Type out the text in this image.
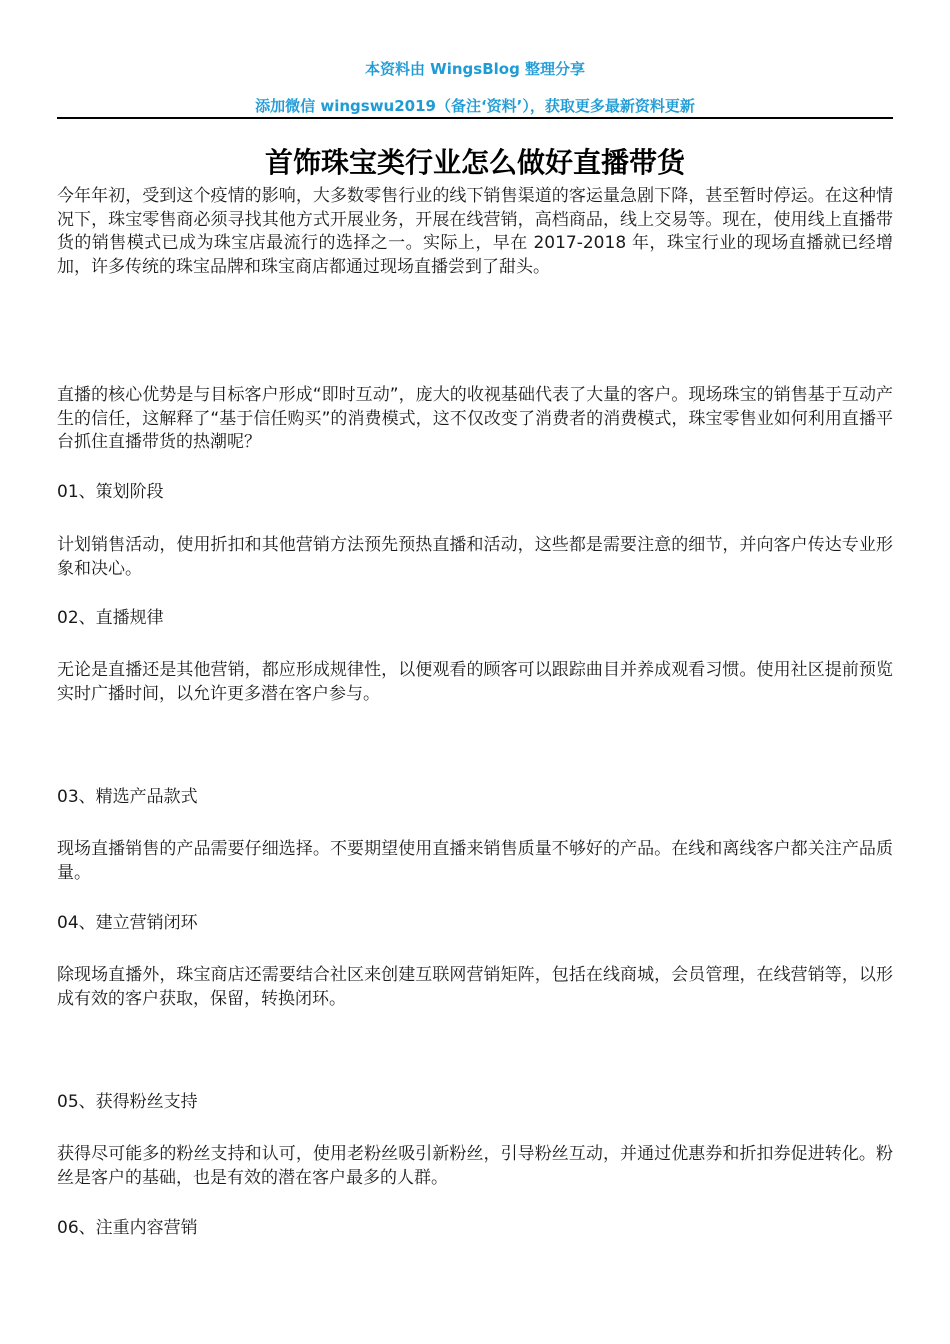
本资料由 WingsBlog 整理分享
添加微信 wingswu2019（备注‘资料’），获取更多最新资料更新
首饰珠宝类行业怎么做好直播带货

今年年初，受到这个疫情的影响，大多数零售行业的线下销售渠道的客运量急剧下降，甚至暂时停运。在这种情况下，珠宝零售商必须寻找其他方式开展业务，开展在线营销，高档商品，线上交易等。现在，使用线上直播带货的销售模式已成为珠宝店最流行的选择之一。实际上，早在 2017-2018 年，珠宝行业的现场直播就已经增加，许多传统的珠宝品牌和珠宝商店都通过现场直播尝到了甜头。

直播的核心优势是与目标客户形成“即时互动”，庞大的收视基础代表了大量的客户。现场珠宝的销售基于互动产生的信任，这解释了“基于信任购买”的消费模式，这不仅改变了消费者的消费模式，珠宝零售业如何利用直播平台抓住直播带货的热潮呢？

01、策划阶段

计划销售活动，使用折扣和其他营销方法预先预热直播和活动，这些都是需要注意的细节，并向客户传达专业形象和决心。

02、直播规律

无论是直播还是其他营销，都应形成规律性，以便观看的顾客可以跟踪曲目并养成观看习惯。使用社区提前预览实时广播时间，以允许更多潜在客户参与。

03、精选产品款式

现场直播销售的产品需要仔细选择。不要期望使用直播来销售质量不够好的产品。在线和离线客户都关注产品质量。

04、建立营销闭环

除现场直播外，珠宝商店还需要结合社区来创建互联网营销矩阵，包括在线商城，会员管理，在线营销等，以形成有效的客户获取，保留，转换闭环。

05、获得粉丝支持

获得尽可能多的粉丝支持和认可，使用老粉丝吸引新粉丝，引导粉丝互动，并通过优惠券和折扣券促进转化。粉丝是客户的基础，也是有效的潜在客户最多的人群。

06、注重内容营销
